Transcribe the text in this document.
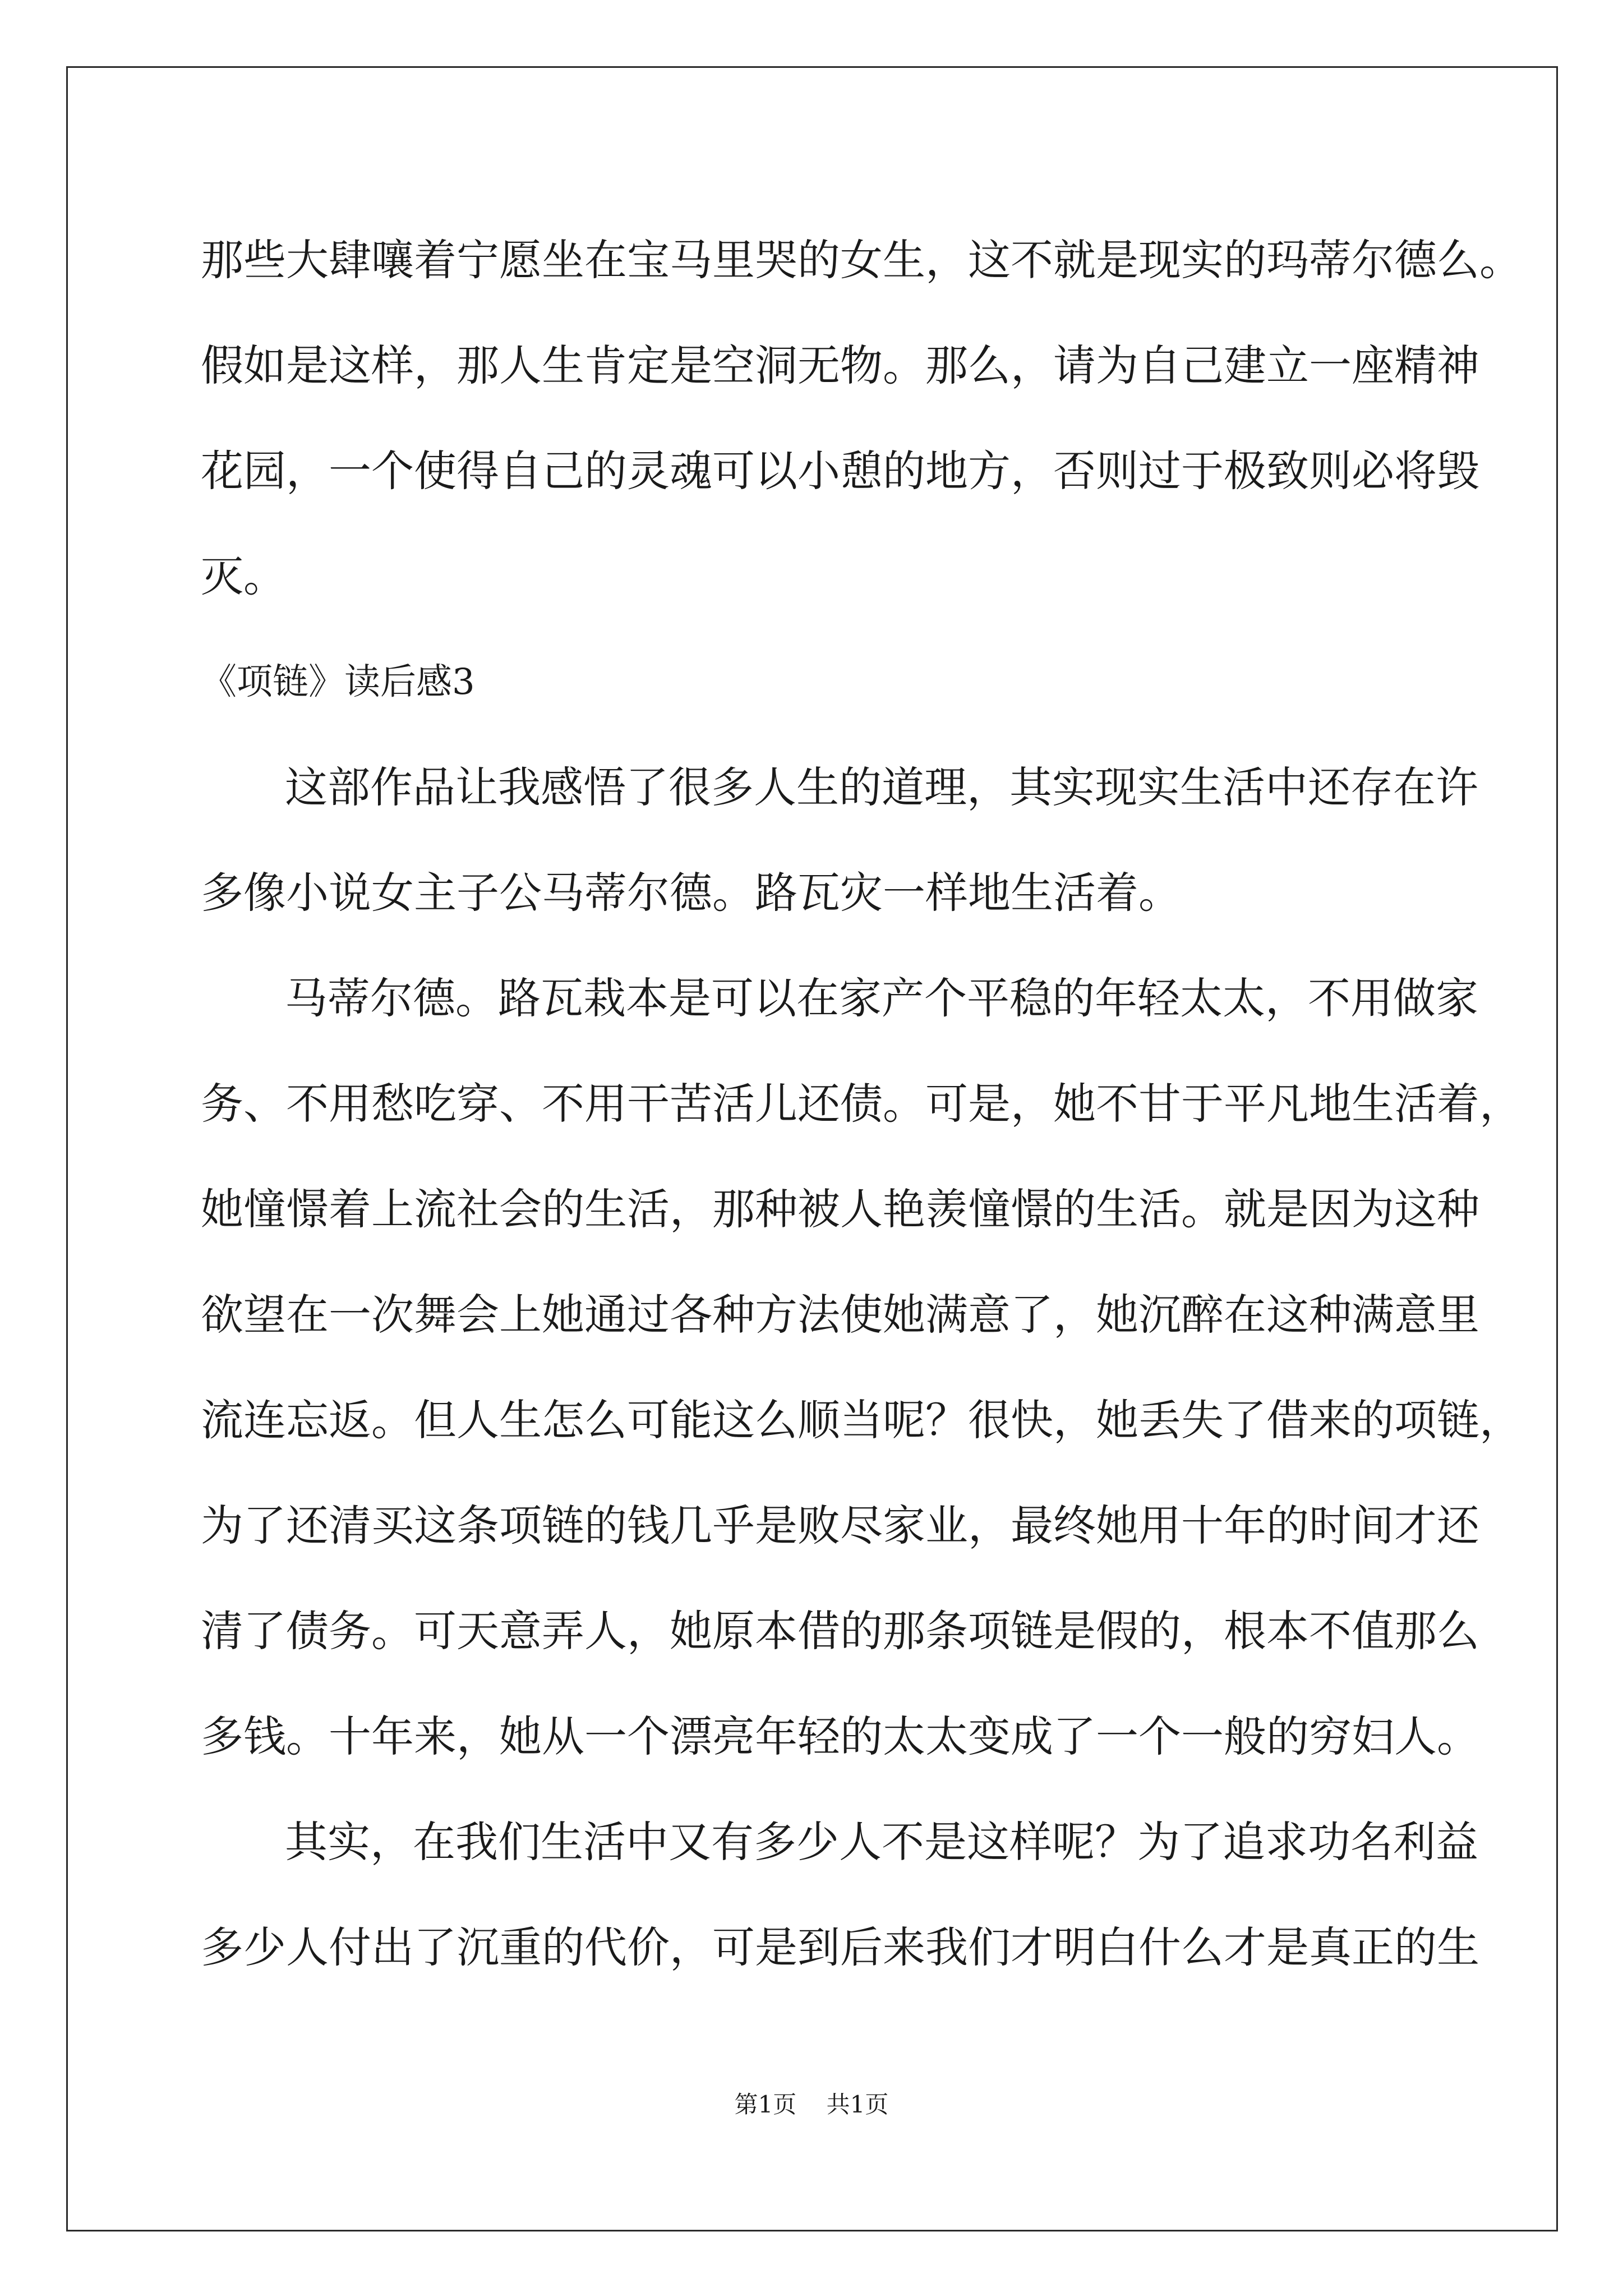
那些大肆嚷着宁愿坐在宝马里哭的女生，这不就是现实的玛蒂尔德么。
假如是这样，那人生肯定是空洞无物。那么，请为自己建立一座精神
花园，一个使得自己的灵魂可以小憩的地方，否则过于极致则必将毁
灭。
《项链》读后感3
这部作品让我感悟了很多人生的道理，其实现实生活中还存在许
多像小说女主子公马蒂尔德。路瓦灾一样地生活着。
马蒂尔德。路瓦栽本是可以在家产个平稳的年轻太太，不用做家
务、不用愁吃穿、不用干苦活儿还债。可是，她不甘于平凡地生活着，
她憧憬着上流社会的生活，那种被人艳羡憧憬的生活。就是因为这种
欲望在一次舞会上她通过各种方法使她满意了，她沉醉在这种满意里
流连忘返。但人生怎么可能这么顺当呢？很快，她丢失了借来的项链，
为了还清买这条项链的钱几乎是败尽家业，最终她用十年的时间才还
清了债务。可天意弄人，她原本借的那条项链是假的，根本不值那么
多钱。十年来，她从一个漂亮年轻的太太变成了一个一般的穷妇人。
其实，在我们生活中又有多少人不是这样呢？为了追求功名利益
多少人付出了沉重的代价，可是到后来我们才明白什么才是真正的生
第1页    共1页
